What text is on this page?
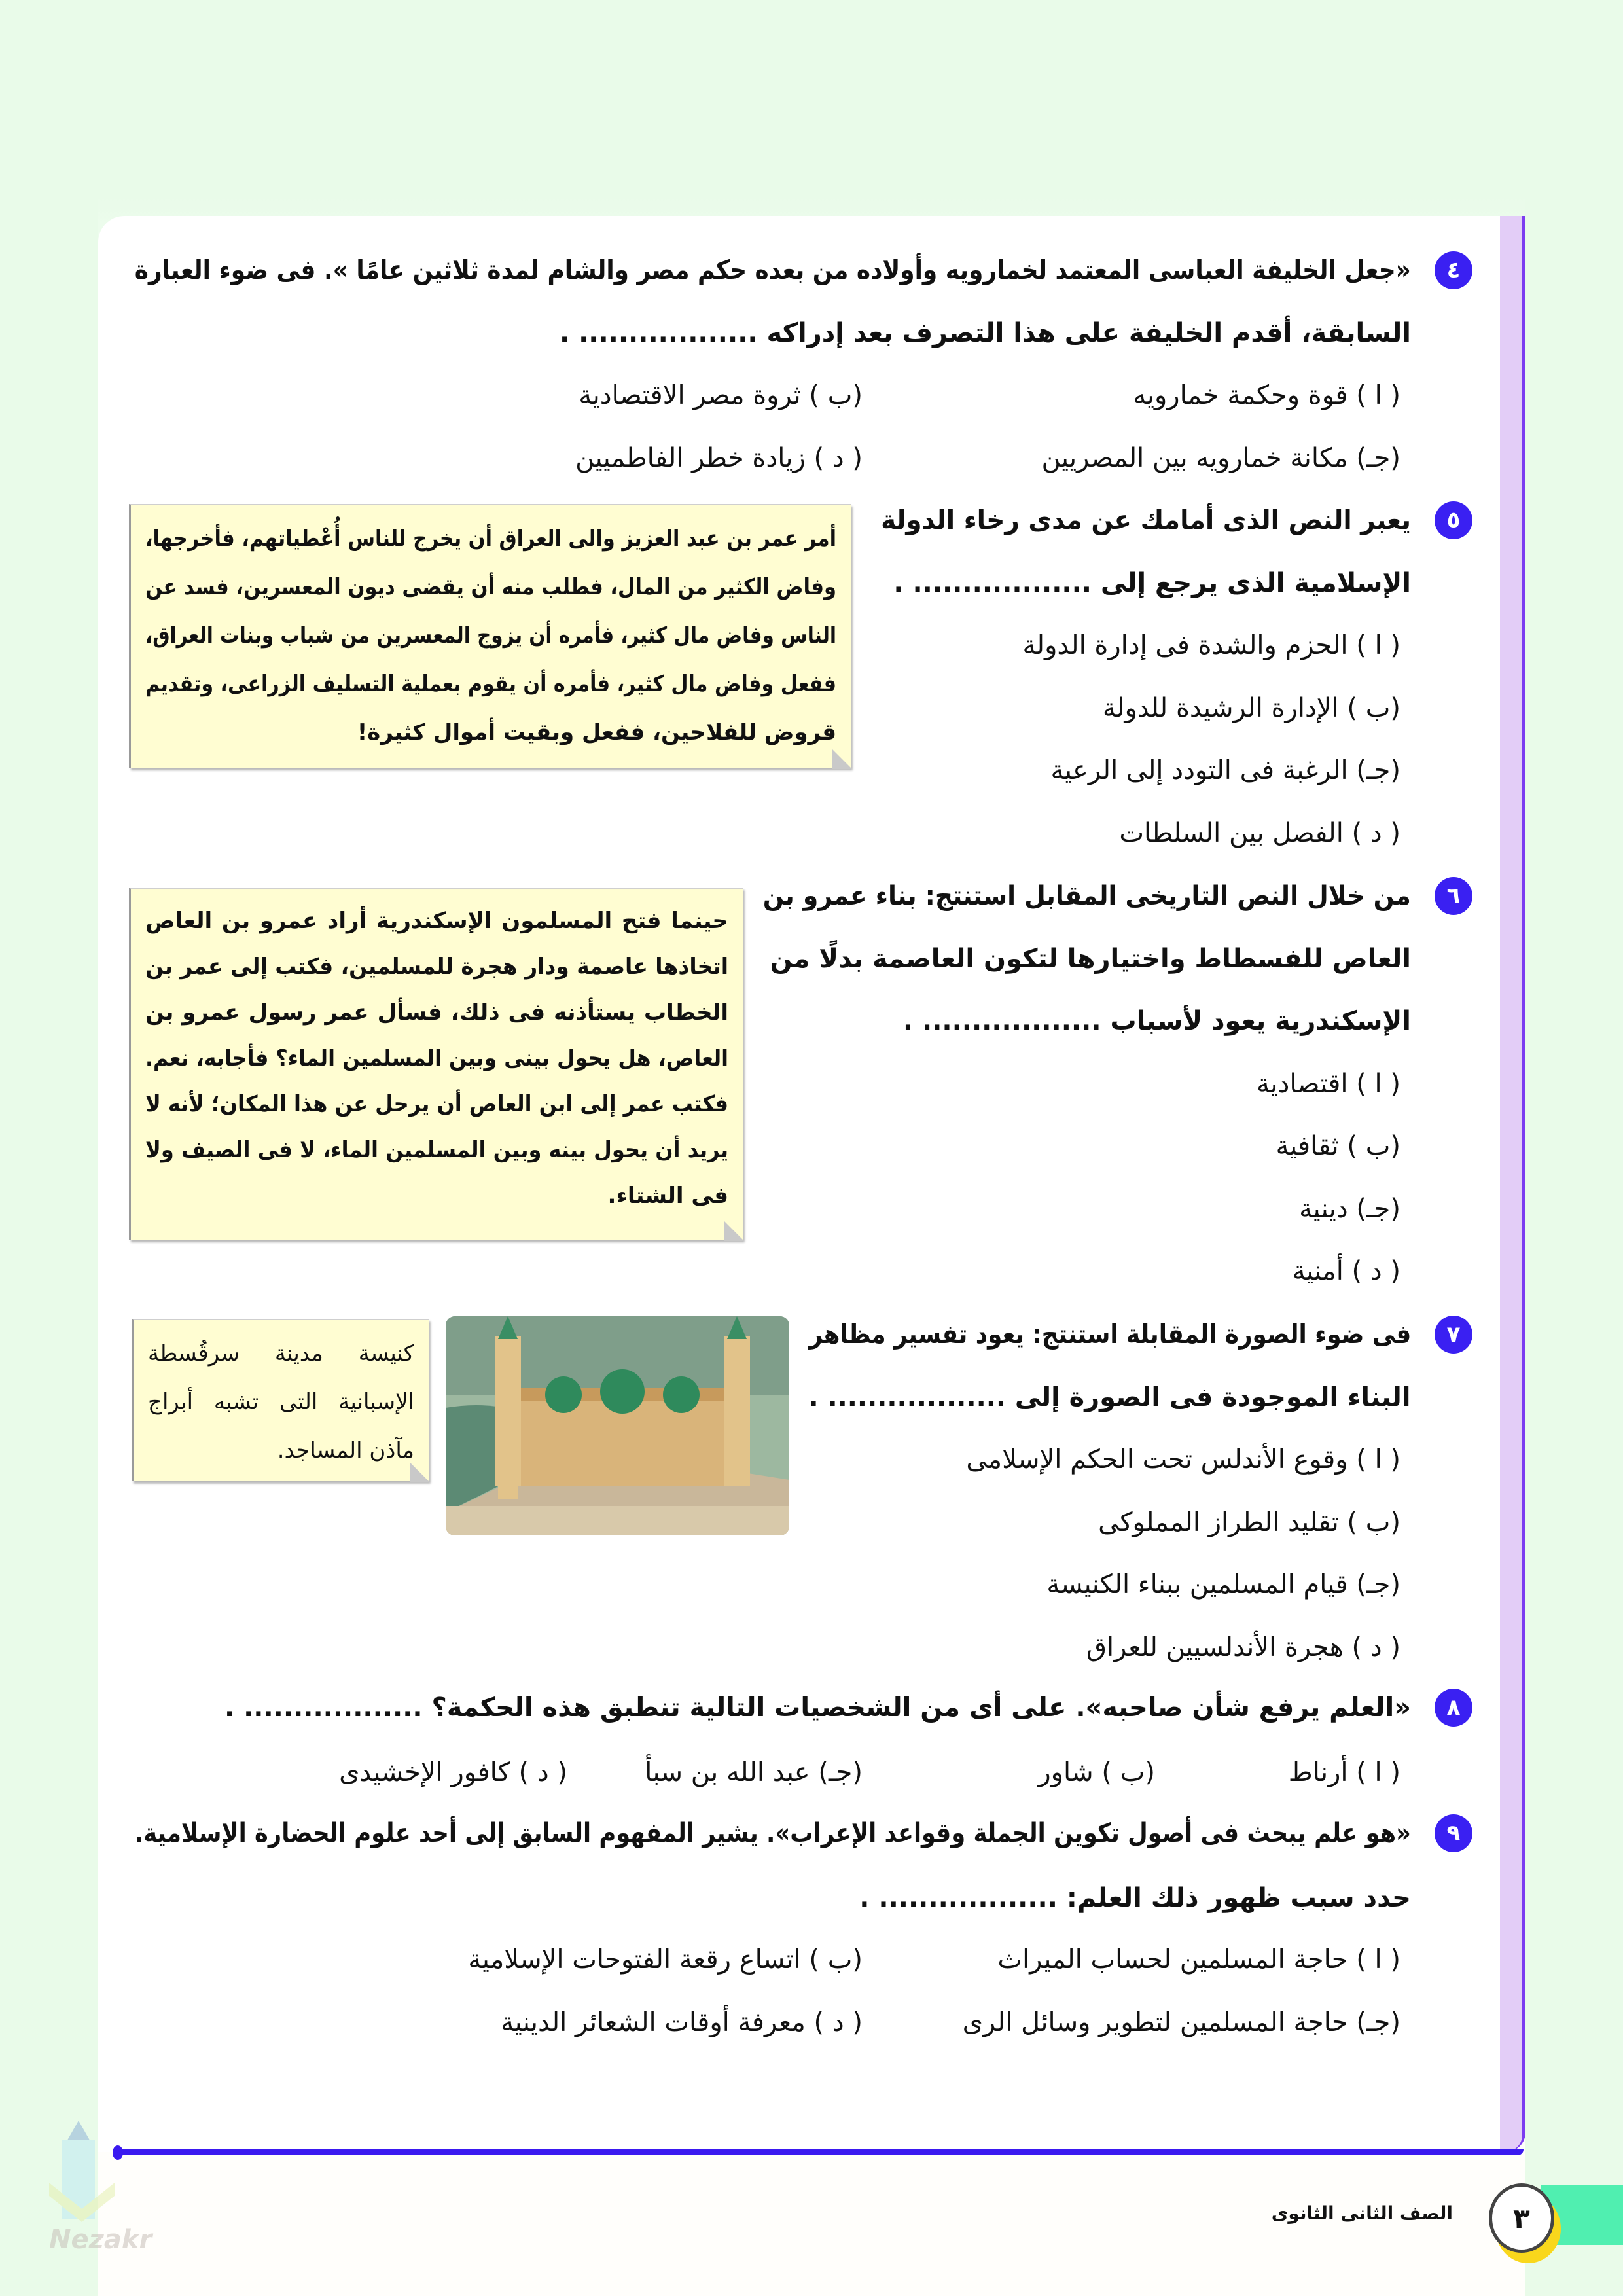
٤
«جعل الخليفة العباسى المعتمد لخمارويه وأولاده من بعده حكم مصر والشام لمدة ثلاثين عامًا ». فى ضوء العبارة
السابقة، أقدم الخليفة على هذا التصرف بعد إدراكه .................. .
( ا ) قوة وحكمة خمارويه
(ب ) ثروة مصر الاقتصادية
(جـ) مكانة خمارويه بين المصريين
( د ) زيادة خطر الفاطميين
٥
يعبر النص الذى أمامك عن مدى رخاء الدولة
الإسلامية الذى يرجع إلى .................. .
( ا ) الحزم والشدة فى إدارة الدولة
(ب ) الإدارة الرشيدة للدولة
(جـ) الرغبة فى التودد إلى الرعية
( د ) الفصل بين السلطات
أمر عمر بن عبد العزيز والى العراق أن يخرج للناس أُعْطياتهم، فأخرجها،
وفاض الكثير من المال، فطلب منه أن يقضى ديون المعسرين، فسد عن
الناس وفاض مال كثير، فأمره أن يزوج المعسرين من شباب وبنات العراق،
ففعل وفاض مال كثير، فأمره أن يقوم بعملية التسليف الزراعى، وتقديم
قروض للفلاحين، ففعل وبقيت أموال كثيرة!
٦
من خلال النص التاريخى المقابل استنتج: بناء عمرو بن
العاص للفسطاط واختيارها لتكون العاصمة بدلًا من
الإسكندرية يعود لأسباب .................. .
( ا ) اقتصادية
(ب ) ثقافية
(جـ) دينية
( د ) أمنية
حينما فتح المسلمون الإسكندرية أراد عمرو بن العاص
اتخاذها عاصمة ودار هجرة للمسلمين، فكتب إلى عمر بن
الخطاب يستأذنه فى ذلك، فسأل عمر رسول عمرو بن
العاص، هل يحول بينى وبين المسلمين الماء؟ فأجابه، نعم.
فكتب عمر إلى ابن العاص أن يرحل عن هذا المكان؛ لأنه لا
يريد أن يحول بينه وبين المسلمين الماء، لا فى الصيف ولا
فى الشتاء.
٧
فى ضوء الصورة المقابلة استنتج: يعود تفسير مظاهر
البناء الموجودة فى الصورة إلى .................. .
( ا ) وقوع الأندلس تحت الحكم الإسلامى
(ب ) تقليد الطراز المملوكى
(جـ) قيام المسلمين ببناء الكنيسة
( د ) هجرة الأندلسيين للعراق
كنيسة مدينة سرقُسطة
الإسبانية التى تشبه أبراج
مآذن المساجد.
٨
«العلم يرفع شأن صاحبه». على أى من الشخصيات التالية تنطبق هذه الحكمة؟ .................. .
( ا ) أرناط
(ب ) شاور
(جـ) عبد الله بن سبأ
( د ) كافور الإخشيدى
٩
«هو علم يبحث فى أصول تكوين الجملة وقواعد الإعراب». يشير المفهوم السابق إلى أحد علوم الحضارة الإسلامية.
حدد سبب ظهور ذلك العلم: .................. .
( ا ) حاجة المسلمين لحساب الميراث
(ب ) اتساع رقعة الفتوحات الإسلامية
(جـ) حاجة المسلمين لتطوير وسائل الرى
( د ) معرفة أوقات الشعائر الدينية
٣
الصف الثانى الثانوى
Nezakr
